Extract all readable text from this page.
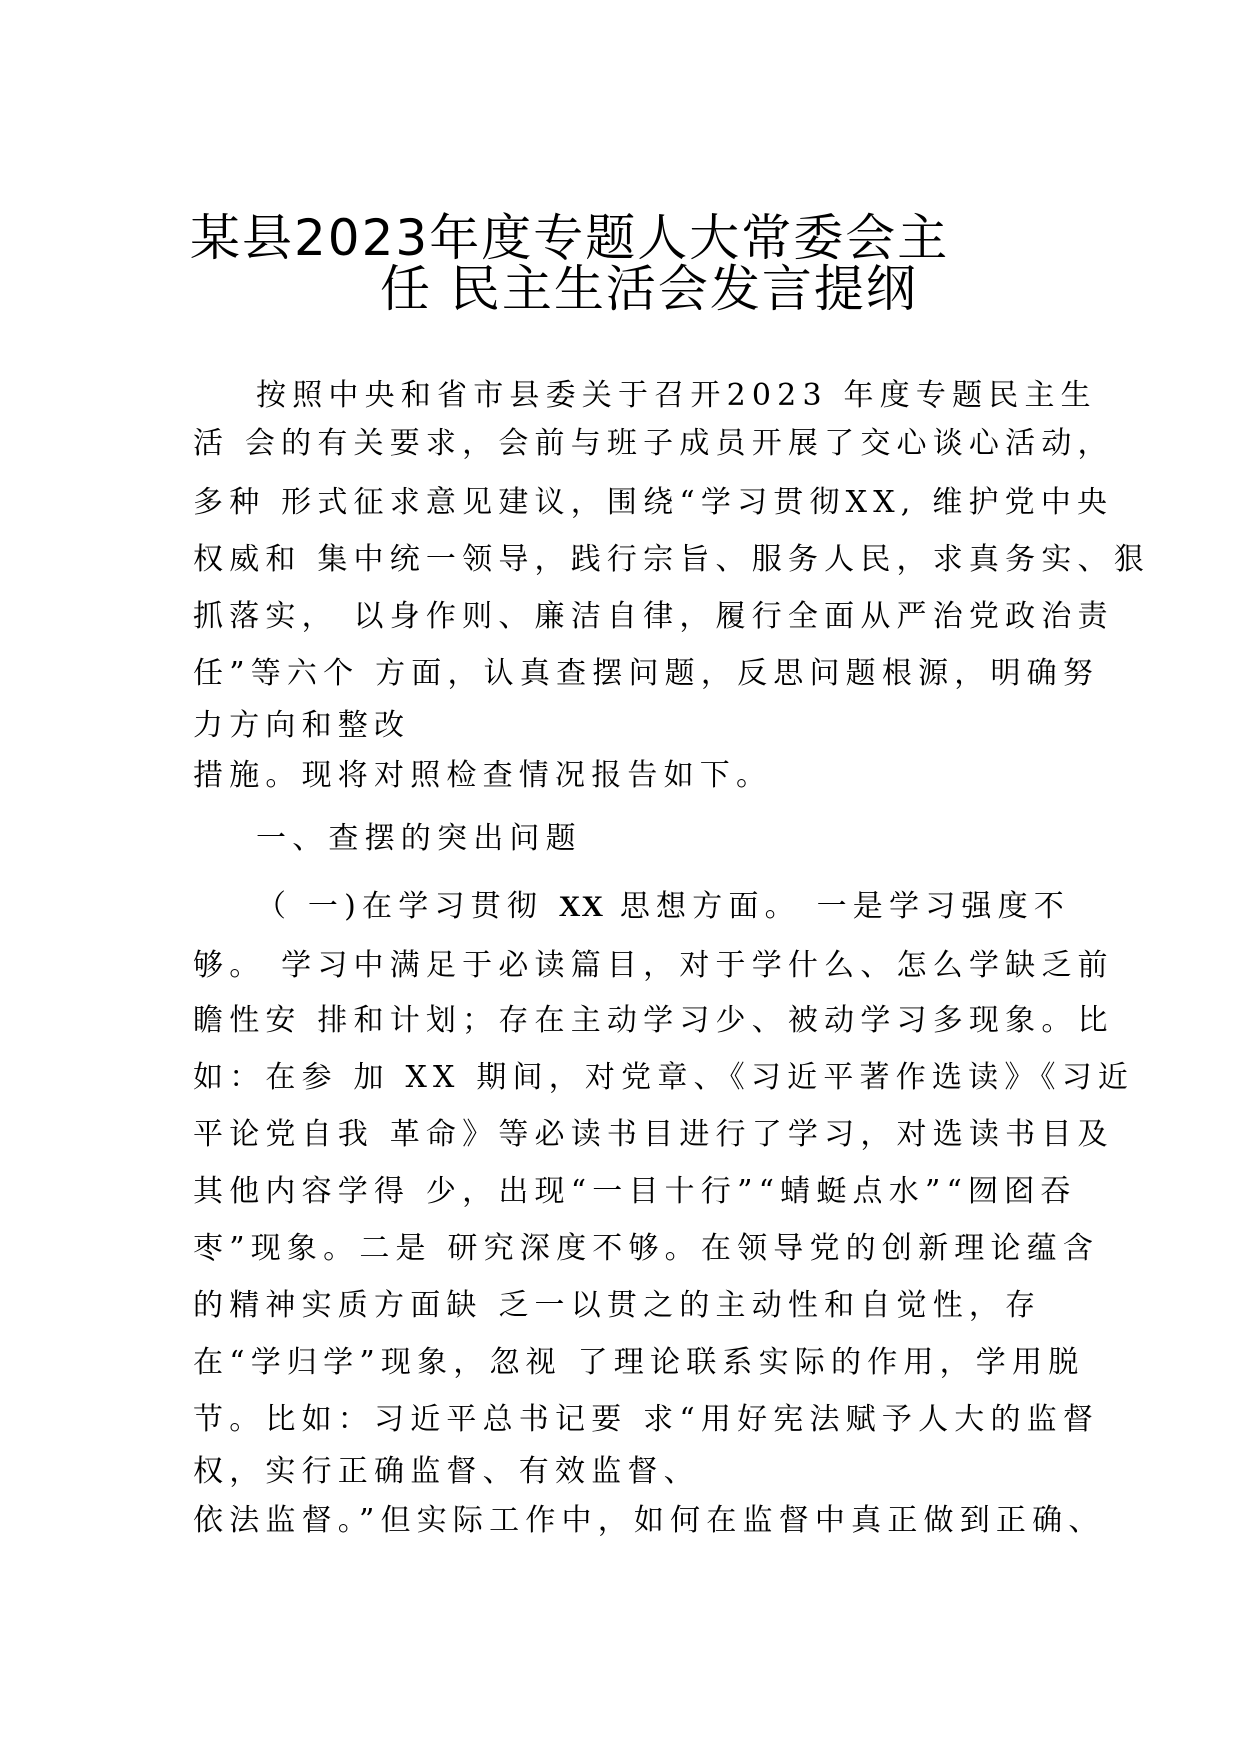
某县2023年度专题人大常委会主
任 民主生活会发言提纲
按照中央和省市县委关于召开2023 年度专题民主生
活 会的有关要求，会前与班子成员开展了交心谈心活动，
多种 形式征求意见建议，围绕“学习贯彻XX, 维护党中央
权威和 集中统一领导，践行宗旨、服务人民，求真务实、狠
抓落实， 以身作则、廉洁自律，履行全面从严治党政治责
任”等六个 方面，认真查摆问题，反思问题根源，明确努
力方向和整改
措施。现将对照检查情况报告如下。
一、查摆的突出问题
（ 一)在学习贯彻 XX 思想方面。 一是学习强度不
够。 学习中满足于必读篇目，对于学什么、怎么学缺乏前
瞻性安 排和计划；存在主动学习少、被动学习多现象。比
如：在参 加 XX 期间，对党章、《习近平著作选读》《习近
平论党自我 革命》等必读书目进行了学习，对选读书目及
其他内容学得 少，出现“一目十行”“蜻蜓点水”“囫囵吞
枣”现象。二是 研究深度不够。在领导党的创新理论蕴含
的精神实质方面缺 乏一以贯之的主动性和自觉性，存
在“学归学”现象，忽视 了理论联系实际的作用，学用脱
节。比如：习近平总书记要 求“用好宪法赋予人大的监督
权，实行正确监督、有效监督、
依法监督。”但实际工作中，如何在监督中真正做到正确、
